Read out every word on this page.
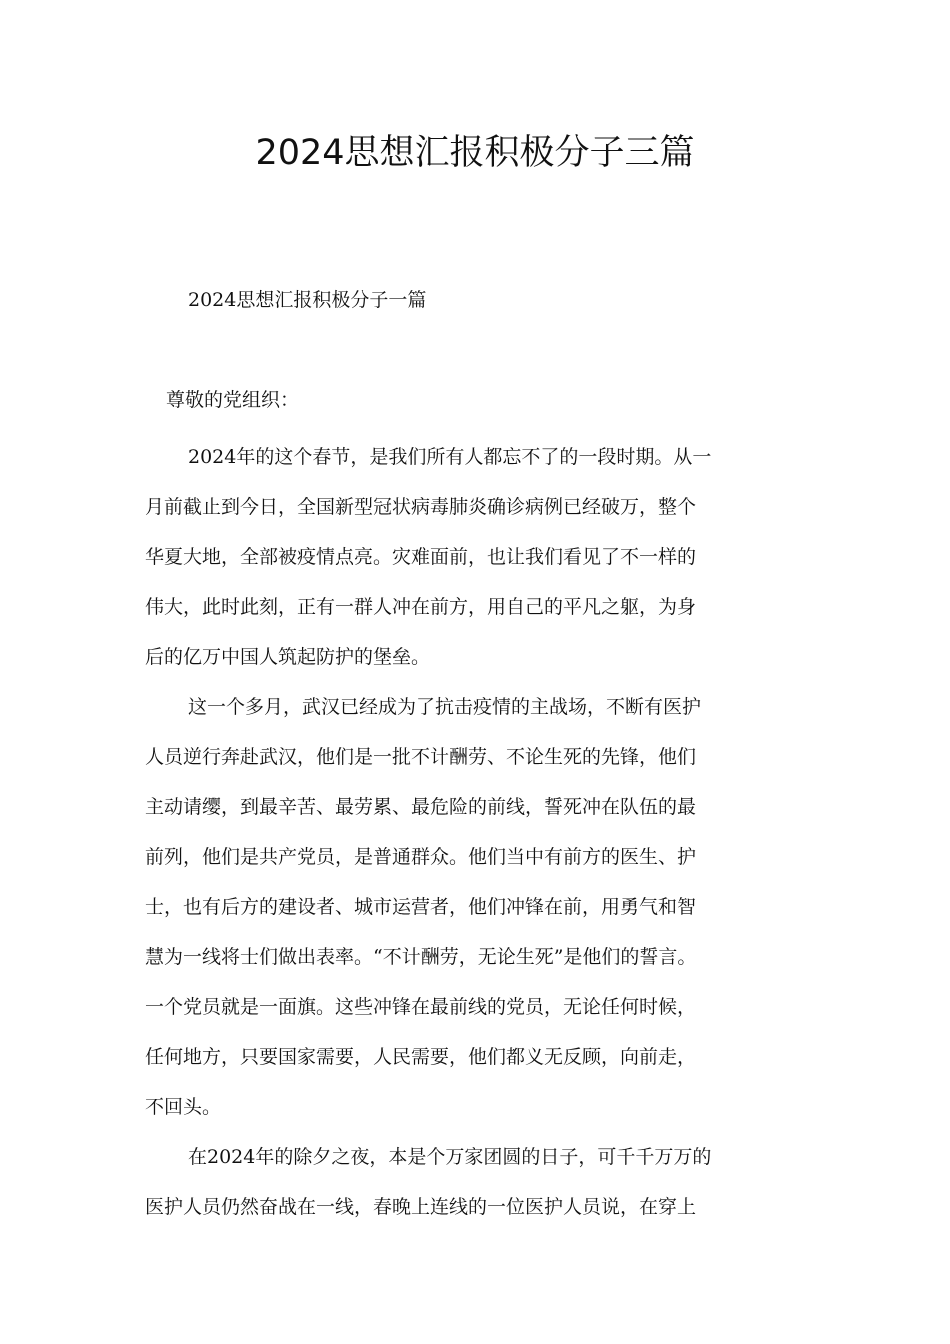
2024思想汇报积极分子三篇
2024思想汇报积极分子一篇
尊敬的党组织：
2024年的这个春节，是我们所有人都忘不了的一段时期。从一
月前截止到今日，全国新型冠状病毒肺炎确诊病例已经破万，整个
华夏大地，全部被疫情点亮。灾难面前，也让我们看见了不一样的
伟大，此时此刻，正有一群人冲在前方，用自己的平凡之躯，为身
后的亿万中国人筑起防护的堡垒。
这一个多月，武汉已经成为了抗击疫情的主战场，不断有医护
人员逆行奔赴武汉，他们是一批不计酬劳、不论生死的先锋，他们
主动请缨，到最辛苦、最劳累、最危险的前线，誓死冲在队伍的最
前列，他们是共产党员，是普通群众。他们当中有前方的医生、护
士，也有后方的建设者、城市运营者，他们冲锋在前，用勇气和智
慧为一线将士们做出表率。“不计酬劳，无论生死”是他们的誓言。
一个党员就是一面旗。这些冲锋在最前线的党员，无论任何时候，
任何地方，只要国家需要，人民需要，他们都义无反顾，向前走，
不回头。
在2024年的除夕之夜，本是个万家团圆的日子，可千千万万的
医护人员仍然奋战在一线，春晚上连线的一位医护人员说，在穿上
